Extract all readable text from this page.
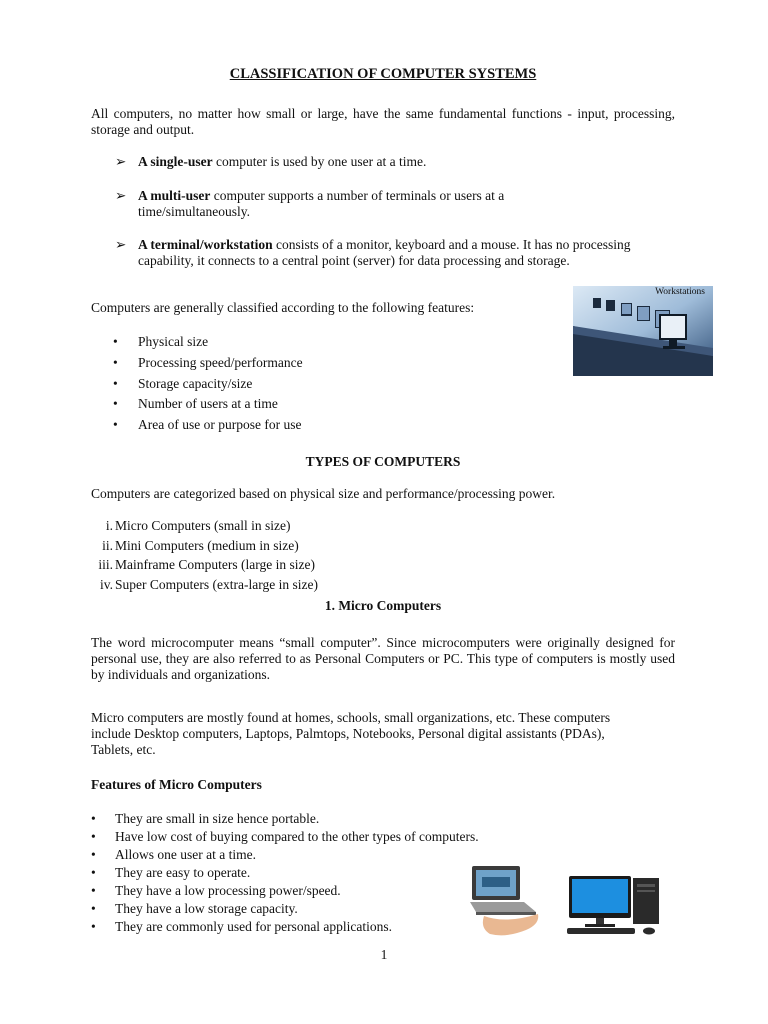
CLASSIFICATION OF COMPUTER SYSTEMS
All computers, no matter how small or large, have the same fundamental functions - input, processing, storage and output.
➢ A single-user computer is used by one user at a time.
➢ A multi-user computer supports a number of terminals or users at a time/simultaneously.
➢ A terminal/workstation consists of a monitor, keyboard and a mouse. It has no processing capability, it connects to a central point (server) for data processing and storage.
Computers are generally classified according to the following features:
• Physical size
• Processing speed/performance
• Storage capacity/size
• Number of users at a time
• Area of use or purpose for use
TYPES OF COMPUTERS
Computers are categorized based on physical size and performance/processing power.
i. Micro Computers (small in size)
ii. Mini Computers (medium in size)
iii. Mainframe Computers (large in size)
iv. Super Computers (extra-large in size)
1. Micro Computers
The word microcomputer means “small computer”. Since microcomputers were originally designed for personal use, they are also referred to as Personal Computers or PC. This type of computers is mostly used by individuals and organizations.
Micro computers are mostly found at homes, schools, small organizations, etc. These computers include Desktop computers, Laptops, Palmtops, Notebooks, Personal digital assistants (PDAs), Tablets, etc.
Features of Micro Computers
• They are small in size hence portable.
• Have low cost of buying compared to the other types of computers.
• Allows one user at a time.
• They are easy to operate.
• They have a low processing power/speed.
• They have a low storage capacity.
• They are commonly used for personal applications.
Workstations
1
